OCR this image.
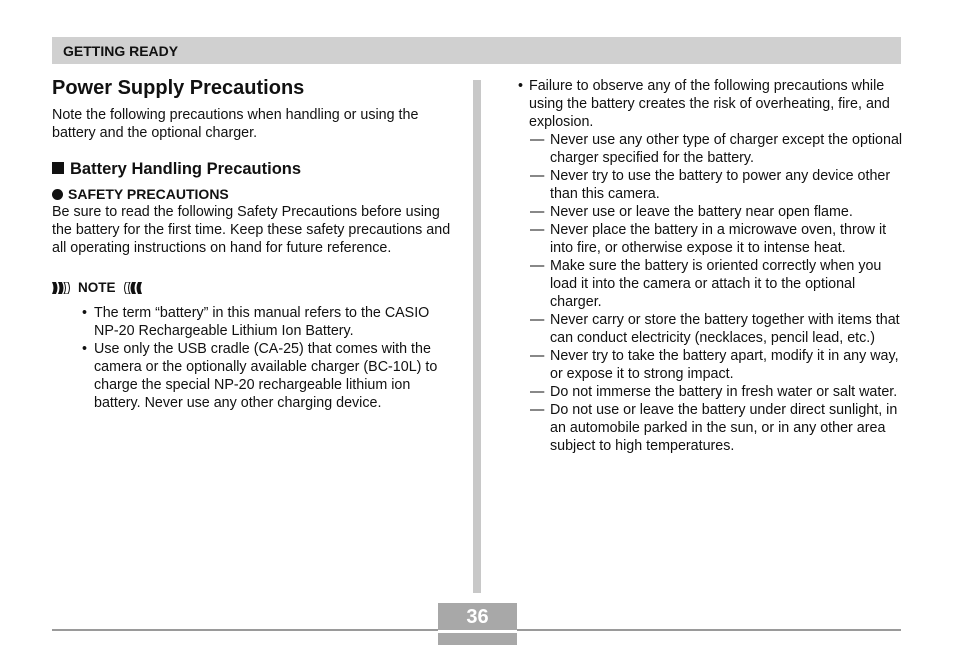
GETTING READY
Power Supply Precautions

Note the following precautions when handling or using the battery and the optional charger.

Battery Handling Precautions
SAFETY PRECAUTIONS

Be sure to read the following Safety Precautions before using the battery for the first time. Keep these safety precautions and all operating instructions on hand for future reference.

NOTE
• The term “battery” in this manual refers to the CASIO NP-20 Rechargeable Lithium Ion Battery.
• Use only the USB cradle (CA-25) that comes with the camera or the optionally available charger (BC-10L) to charge the special NP-20 rechargeable lithium ion battery. Never use any other charging device.

• Failure to observe any of the following precautions while using the battery creates the risk of overheating, fire, and explosion.

— Never use any other type of charger except the optional charger specified for the battery.
— Never try to use the battery to power any device other than this camera.
— Never use or leave the battery near open flame.
— Never place the battery in a microwave oven, throw it into fire, or otherwise expose it to intense heat.
— Make sure the battery is oriented correctly when you load it into the camera or attach it to the optional charger.
— Never carry or store the battery together with items that can conduct electricity (necklaces, pencil lead, etc.)
— Never try to take the battery apart, modify it in any way, or expose it to strong impact.
— Do not immerse the battery in fresh water or salt water.
— Do not use or leave the battery under direct sunlight, in an automobile parked in the sun, or in any other area subject to high temperatures.
36
